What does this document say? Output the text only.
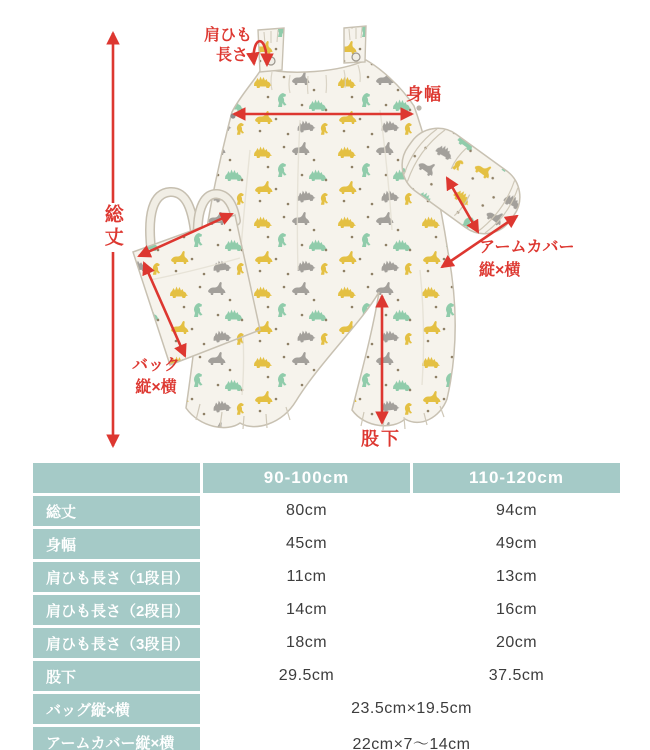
肩ひも
長さ
身幅
総丈	アームカバー
縦×横
バック
縦×横
股下
	90-100cm	110-120cm
総丈	80cm	94cm
身幅	45cm	49cm
肩ひも長さ（1段目）	11cm	13cm
肩ひも長さ（2段目）	14cm	16cm
肩ひも長さ（3段目）	18cm	20cm
股下	29.5cm	37.5cm
バッグ縦×横	23.5cm×19.5cm	
アームカバー縦×横	22cm×7～14cm	
